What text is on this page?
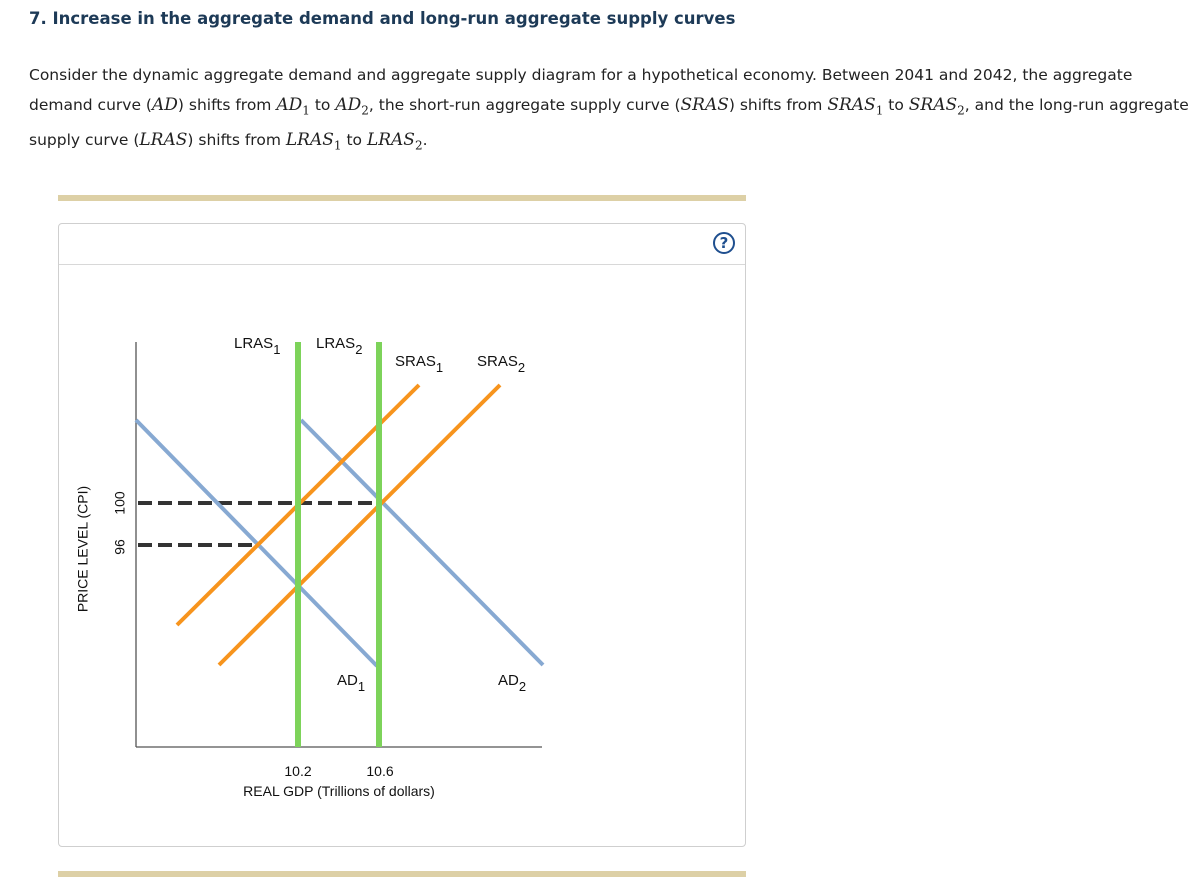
7. Increase in the aggregate demand and long-run aggregate supply curves

Consider the dynamic aggregate demand and aggregate supply diagram for a hypothetical economy. Between 2041 and 2042, the aggregate demand curve (AD) shifts from $AD_1$ to $AD_2$, the short-run aggregate supply curve (SRAS) shifts from $SRAS_1$ to $SRAS_2$, and the long-run aggregate supply curve (LRAS) shifts from $LRAS_1$ to $LRAS_2$.

?
LRAS1 LRAS2
SRAS1 SRAS2
AD1	AD2
100
96
10.2	10.6
REAL GDP (Trillions of dollars)
PRICE LEVEL (CPI)
